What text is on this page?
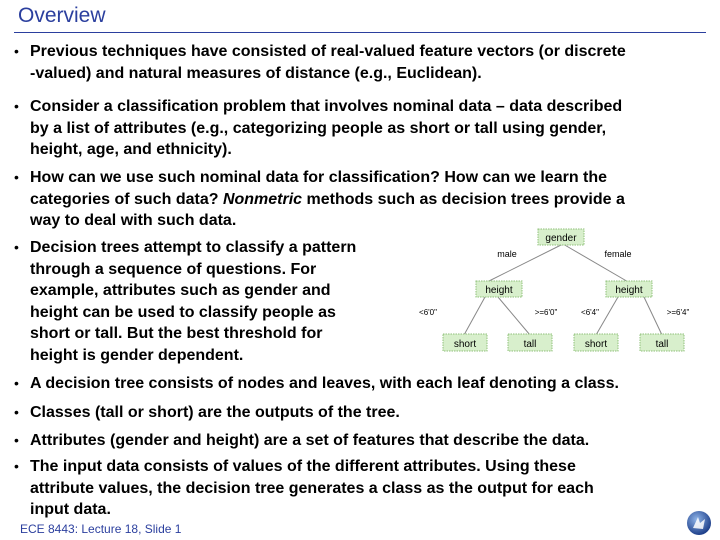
Overview
• Previous techniques have consisted of real-valued feature vectors (or discrete
-valued) and natural measures of distance (e.g., Euclidean).
• Consider a classification problem that involves nominal data – data described
by a list of attributes (e.g., categorizing people as short or tall using gender,
height, age, and ethnicity).
• How can we use such nominal data for classification? How can we learn the
categories of such data? Nonmetric methods such as decision trees provide a
way to deal with such data.
• Decision trees attempt to classify a pattern
through a sequence of questions. For
example, attributes such as gender and
height can be used to classify people as
short or tall. But the best threshold for
height is gender dependent.
• A decision tree consists of nodes and leaves, with each leaf denoting a class.
• Classes (tall or short) are the outputs of the tree.
• Attributes (gender and height) are a set of features that describe the data.
• The input data consists of values of the different attributes. Using these
attribute values, the decision tree generates a class as the output for each
input data.
gender
male	female
height	height
<6'0"	>=6'0"	<6'4"	>=6'4"
short	tall	short	tall
ECE 8443: Lecture 18, Slide 1
